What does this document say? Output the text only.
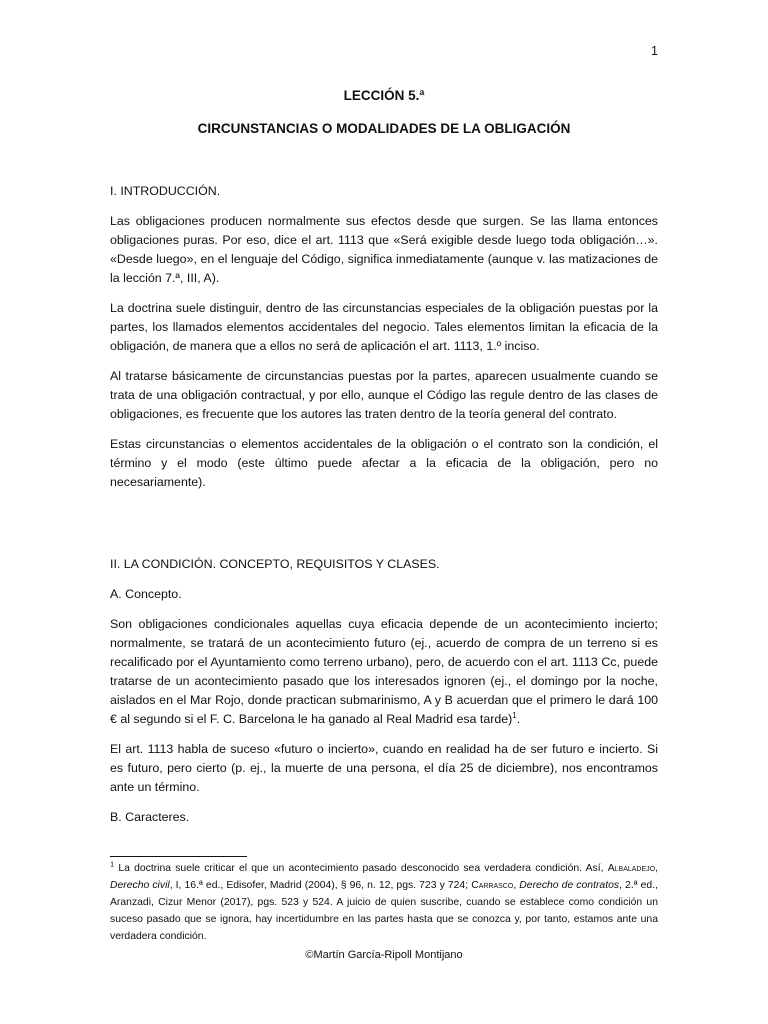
1
LECCIÓN 5.ª
CIRCUNSTANCIAS O MODALIDADES DE LA OBLIGACIÓN

I. INTRODUCCIÓN.

Las obligaciones producen normalmente sus efectos desde que surgen. Se las llama entonces obligaciones puras. Por eso, dice el art. 1113 que «Será exigible desde luego toda obligación…». «Desde luego», en el lenguaje del Código, significa inmediatamente (aunque v. las matizaciones de la lección 7.ª, III, A).

La doctrina suele distinguir, dentro de las circunstancias especiales de la obligación puestas por la partes, los llamados elementos accidentales del negocio. Tales elementos limitan la eficacia de la obligación, de manera que a ellos no será de aplicación el art. 1113, 1.º inciso.

Al tratarse básicamente de circunstancias puestas por la partes, aparecen usualmente cuando se trata de una obligación contractual, y por ello, aunque el Código las regule dentro de las clases de obligaciones, es frecuente que los autores las traten dentro de la teoría general del contrato.

Estas circunstancias o elementos accidentales de la obligación o el contrato son la condición, el término y el modo (este último puede afectar a la eficacia de la obligación, pero no necesariamente).

II. LA CONDICIÓN. CONCEPTO, REQUISITOS Y CLASES.

A. Concepto.

Son obligaciones condicionales aquellas cuya eficacia depende de un acontecimiento incierto; normalmente, se tratará de un acontecimiento futuro (ej., acuerdo de compra de un terreno si es recalificado por el Ayuntamiento como terreno urbano), pero, de acuerdo con el art. 1113 Cc, puede tratarse de un acontecimiento pasado que los interesados ignoren (ej., el domingo por la noche, aislados en el Mar Rojo, donde practican submarinismo, A y B acuerdan que el primero le dará 100 € al segundo si el F. C. Barcelona le ha ganado al Real Madrid esa tarde)$^1$.

El art. 1113 habla de suceso «futuro o incierto», cuando en realidad ha de ser futuro e incierto. Si es futuro, pero cierto (p. ej., la muerte de una persona, el día 25 de diciembre), nos encontramos ante un término.

B. Caracteres.

$^1$ La doctrina suele criticar el que un acontecimiento pasado desconocido sea verdadera condición. Así, Albaladejo, Derecho civil, I, 16.ª ed., Edisofer, Madrid (2004), § 96, n. 12, pgs. 723 y 724; Carrasco, Derecho de contratos, 2.ª ed., Aranzadi, Cizur Menor (2017), pgs. 523 y 524. A juicio de quien suscribe, cuando se establece como condición un suceso pasado que se ignora, hay incertidumbre en las partes hasta que se conozca y, por tanto, estamos ante una verdadera condición.
©Martín García-Ripoll Montijano
